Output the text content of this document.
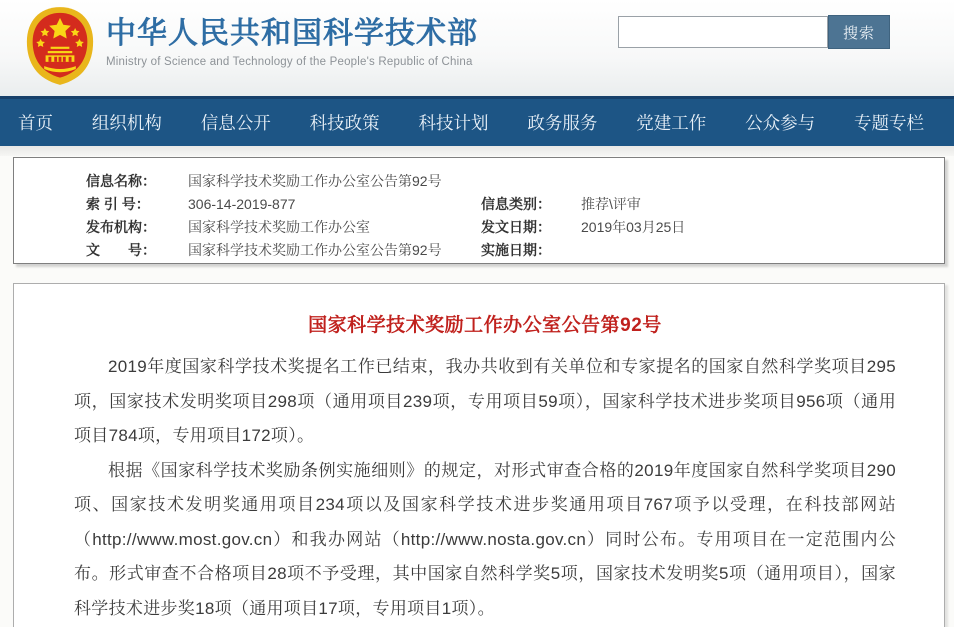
中华人民共和国科学技术部
Ministry of Science and Technology of the People's Republic of China
搜索
首页	组织机构	信息公开	科技政策	科技计划	政务服务	党建工作	公众参与	专题专栏
信息名称：	国家科学技术奖励工作办公室公告第92号
索 引 号：	306-14-2019-877	信息类别：	推荐\评审
发布机构：	国家科学技术奖励工作办公室	发文日期：	2019年03月25日
文　　号：	国家科学技术奖励工作办公室公告第92号	实施日期：
国家科学技术奖励工作办公室公告第92号

2019年度国家科学技术奖提名工作已结束，我办共收到有关单位和专家提名的国家自然科学奖项目295项，国家技术发明奖项目298项（通用项目239项，专用项目59项），国家科学技术进步奖项目956项（通用项目784项，专用项目172项）。

根据《国家科学技术奖励条例实施细则》的规定，对形式审查合格的2019年度国家自然科学奖项目290项、国家技术发明奖通用项目234项以及国家科学技术进步奖通用项目767项予以受理，在科技部网站（http://www.most.gov.cn）和我办网站（http://www.nosta.gov.cn）同时公布。专用项目在一定范围内公布。形式审查不合格项目28项不予受理，其中国家自然科学奖5项，国家技术发明奖5项（通用项目），国家科学技术进步奖18项（通用项目17项，专用项目1项）。
